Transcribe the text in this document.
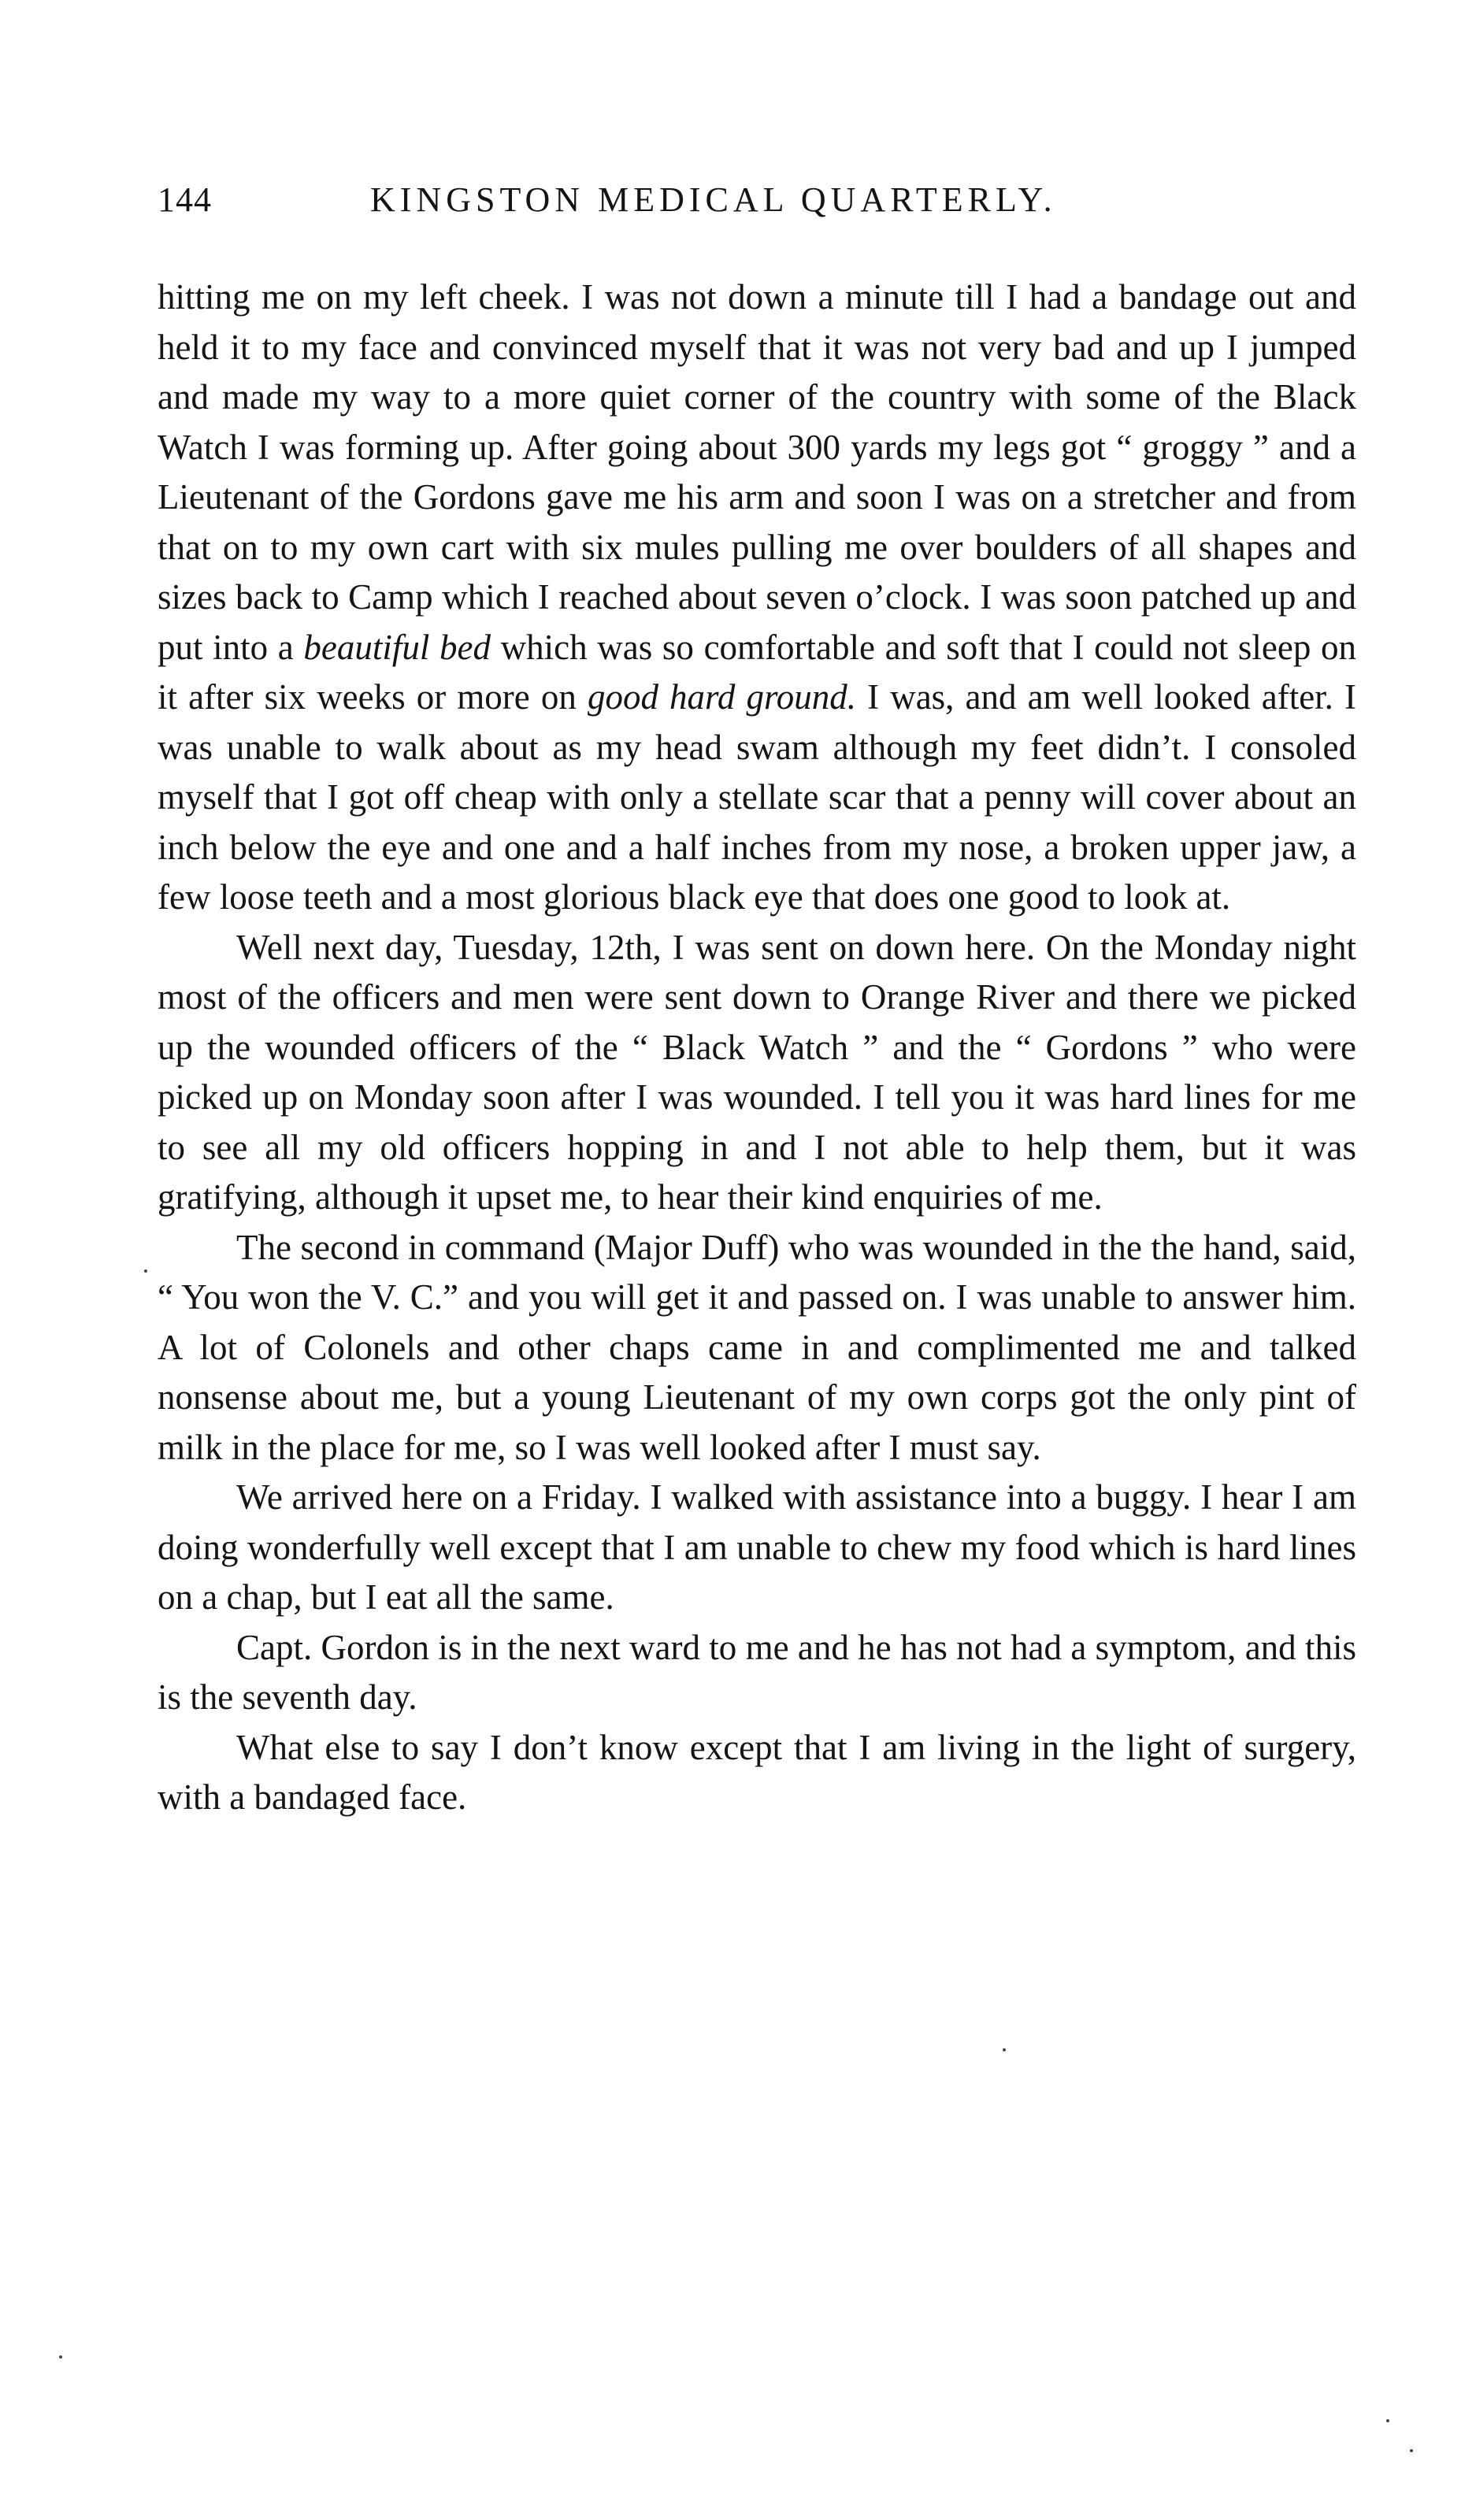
144	KINGSTON MEDICAL QUARTERLY.

hitting me on my left cheek. I was not down a minute till I had a bandage out and held it to my face and convinced myself that it was not very bad and up I jumped and made my way to a more quiet corner of the country with some of the Black Watch I was forming up. After going about 300 yards my legs got “ groggy ” and a Lieutenant of the Gordons gave me his arm and soon I was on a stretcher and from that on to my own cart with six mules pulling me over boulders of all shapes and sizes back to Camp which I reached about seven o’clock. I was soon patched up and put into a beautiful bed which was so comfortable and soft that I could not sleep on it after six weeks or more on good hard ground. I was, and am well looked after. I was unable to walk about as my head swam although my feet didn’t. I consoled myself that I got off cheap with only a stellate scar that a penny will cover about an inch below the eye and one and a half inches from my nose, a broken upper jaw, a few loose teeth and a most glorious black eye that does one good to look at.

Well next day, Tuesday, 12th, I was sent on down here. On the Monday night most of the officers and men were sent down to Orange River and there we picked up the wounded officers of the “ Black Watch ” and the “ Gordons ” who were picked up on Monday soon after I was wounded. I tell you it was hard lines for me to see all my old officers hopping in and I not able to help them, but it was gratifying, although it upset me, to hear their kind enquiries of me.

The second in command (Major Duff) who was wounded in the the hand, said, “ You won the V. C.” and you will get it and passed on. I was unable to answer him. A lot of Colonels and other chaps came in and complimented me and talked nonsense about me, but a young Lieutenant of my own corps got the only pint of milk in the place for me, so I was well looked after I must say.

We arrived here on a Friday. I walked with assistance into a buggy. I hear I am doing wonderfully well except that I am unable to chew my food which is hard lines on a chap, but I eat all the same.

Capt. Gordon is in the next ward to me and he has not had a symptom, and this is the seventh day.

What else to say I don’t know except that I am living in the light of surgery, with a bandaged face.
